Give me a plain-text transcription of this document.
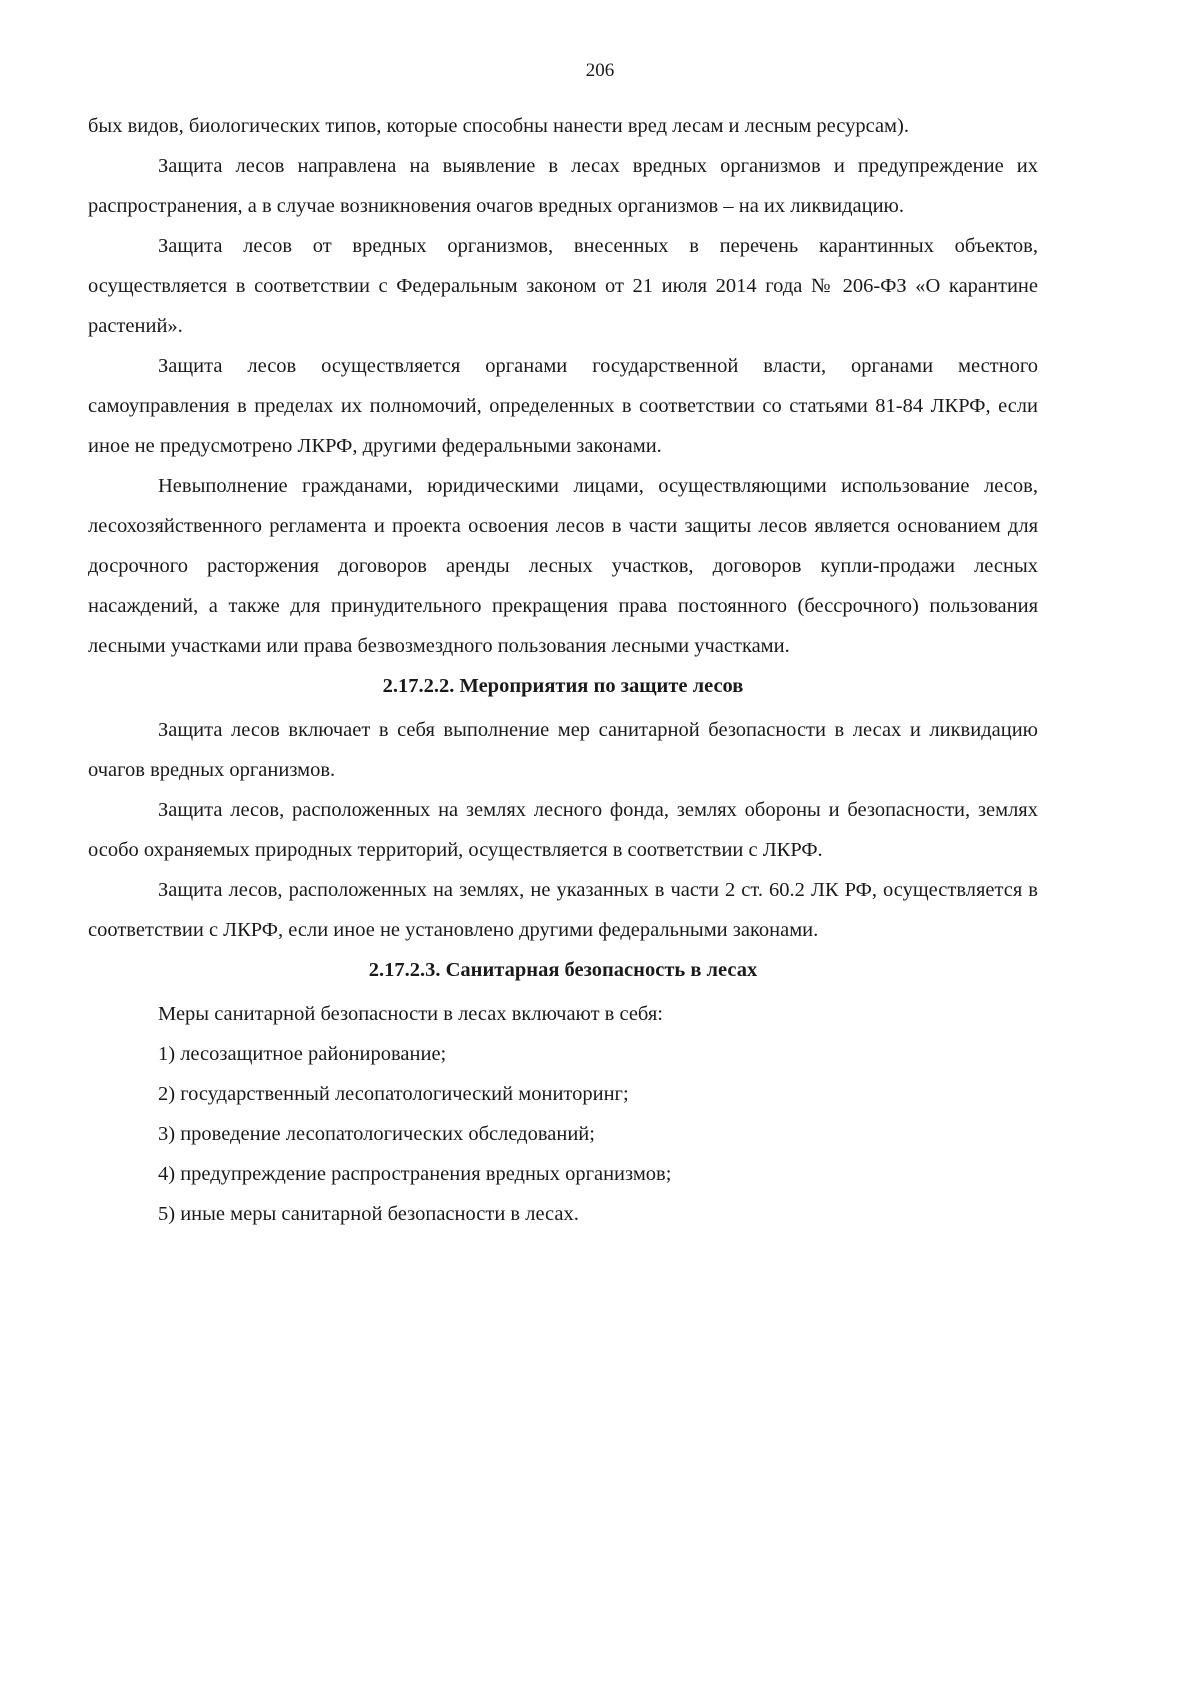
206

бых видов, биологических типов, которые способны нанести вред лесам и лесным ресурсам).

Защита лесов направлена на выявление в лесах вредных организмов и предупреждение их распространения, а в случае возникновения очагов вредных организмов – на их ликвидацию.

Защита лесов от вредных организмов, внесенных в перечень карантинных объектов, осуществляется в соответствии с Федеральным законом от 21 июля 2014 года № 206-ФЗ «О карантине растений».

Защита лесов осуществляется органами государственной власти, органами местного самоуправления в пределах их полномочий, определенных в соответствии со статьями 81-84 ЛКРФ, если иное не предусмотрено ЛКРФ, другими федеральными законами.

Невыполнение гражданами, юридическими лицами, осуществляющими использование лесов, лесохозяйственного регламента и проекта освоения лесов в части защиты лесов является основанием для досрочного расторжения договоров аренды лесных участков, договоров купли-продажи лесных насаждений, а также для принудительного прекращения права постоянного (бессрочного) пользования лесными участками или права безвозмездного пользования лесными участками.

2.17.2.2. Мероприятия по защите лесов

Защита лесов включает в себя выполнение мер санитарной безопасности в лесах и ликвидацию очагов вредных организмов.

Защита лесов, расположенных на землях лесного фонда, землях обороны и безопасности, землях особо охраняемых природных территорий, осуществляется в соответствии с ЛКРФ.

Защита лесов, расположенных на землях, не указанных в части 2 ст. 60.2 ЛК РФ, осуществляется в соответствии с ЛКРФ, если иное не установлено другими федеральными законами.

2.17.2.3. Санитарная безопасность в лесах

Меры санитарной безопасности в лесах включают в себя:

1) лесозащитное районирование;

2) государственный лесопатологический мониторинг;

3) проведение лесопатологических обследований;

4) предупреждение распространения вредных организмов;

5) иные меры санитарной безопасности в лесах.
